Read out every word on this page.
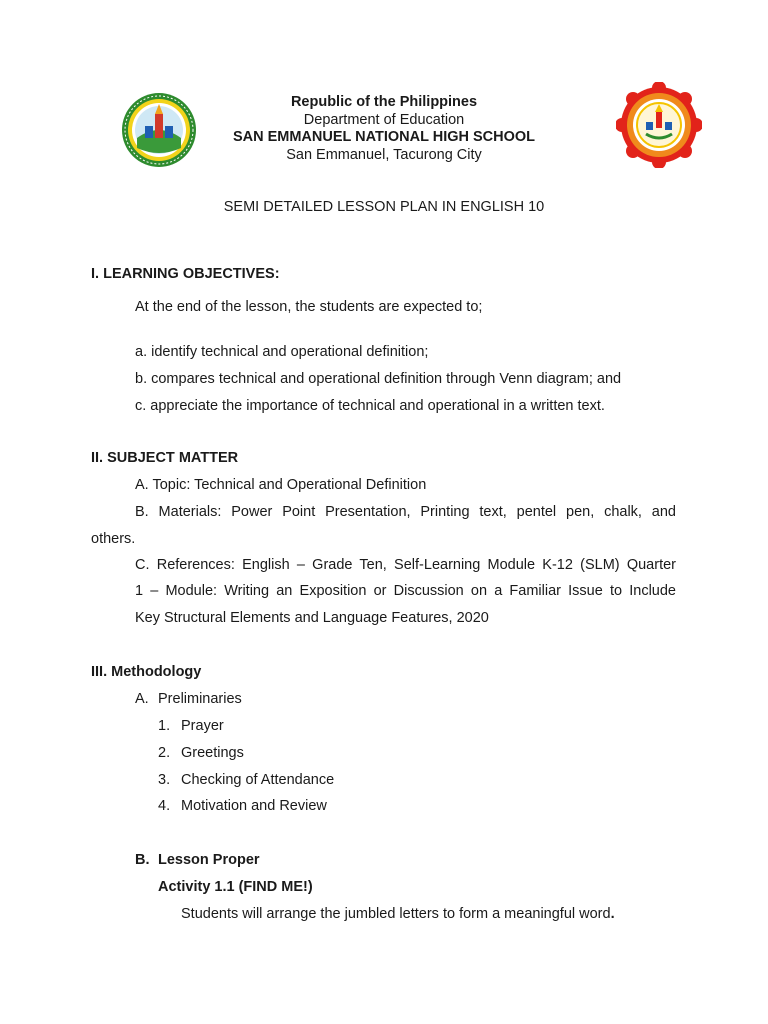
Republic of the Philippines
Department of Education
SAN EMMANUEL NATIONAL HIGH SCHOOL
San Emmanuel, Tacurong City
SEMI DETAILED LESSON PLAN IN ENGLISH 10
I. LEARNING OBJECTIVES:
At the end of the lesson, the students are expected to;
a. identify technical and operational definition;
b. compares technical and operational definition through Venn diagram; and
c. appreciate the importance of technical and operational in a written text.
II. SUBJECT MATTER
A. Topic: Technical and Operational Definition
B. Materials: Power Point Presentation, Printing text, pentel pen, chalk, and
others.
C. References: English – Grade Ten, Self-Learning Module K-12 (SLM) Quarter
1 – Module: Writing an Exposition or Discussion on a Familiar Issue to Include
Key Structural Elements and Language Features, 2020
III. Methodology
A. Preliminaries
1. Prayer
2. Greetings
3. Checking of Attendance
4. Motivation and Review
B. Lesson Proper
Activity 1.1 (FIND ME!)
Students will arrange the jumbled letters to form a meaningful word.
